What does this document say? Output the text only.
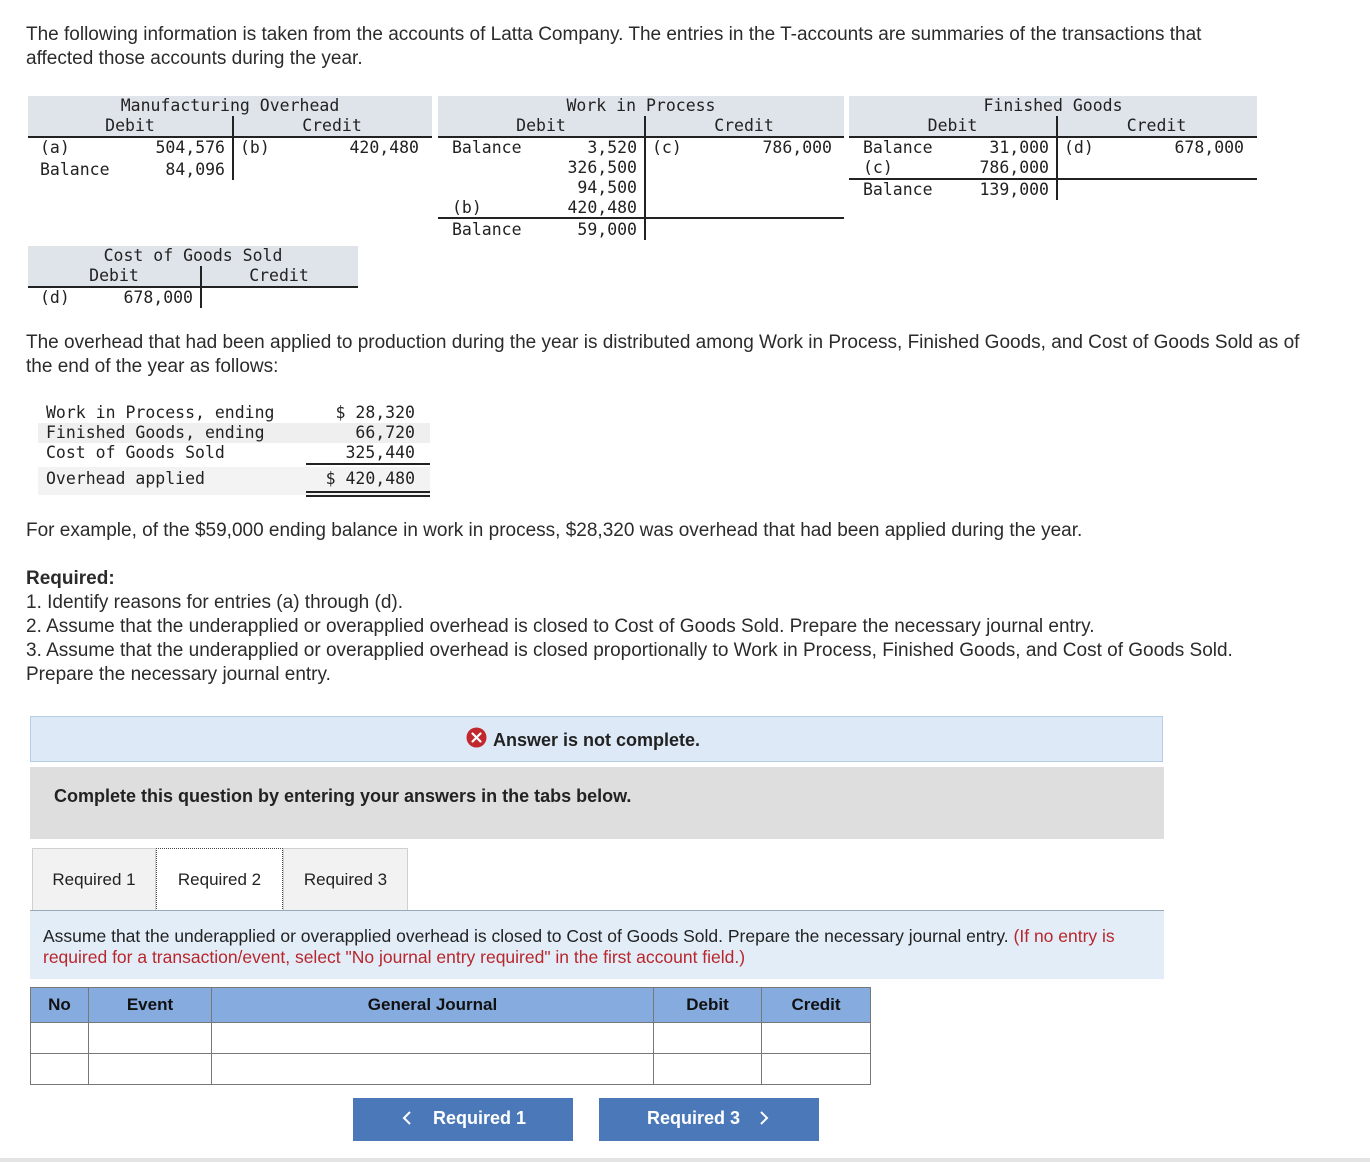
The following information is taken from the accounts of Latta Company. The entries in the T-accounts are summaries of the transactions that affected those accounts during the year.
Manufacturing Overhead
Debit	Credit
(a)	504,576 (b)	420,480
Balance	84,096
Work in Process
Debit	Credit
Balance	3,520 (c)	786,000
326,500
94,500
(b)	420,480
Balance	59,000
Finished Goods
Debit	Credit
Balance	31,000 (d)	678,000
(c)	786,000
Balance	139,000
Cost of Goods Sold
Debit	Credit
(d)	678,000
The overhead that had been applied to production during the year is distributed among Work in Process, Finished Goods, and Cost of Goods Sold as of the end of the year as follows:
Work in Process, ending	$ 28,320
Finished Goods, ending	66,720
Cost of Goods Sold	325,440
Overhead applied	$ 420,480
For example, of the $59,000 ending balance in work in process, $28,320 was overhead that had been applied during the year.
Required:
1. Identify reasons for entries (a) through (d).
2. Assume that the underapplied or overapplied overhead is closed to Cost of Goods Sold. Prepare the necessary journal entry.
3. Assume that the underapplied or overapplied overhead is closed proportionally to Work in Process, Finished Goods, and Cost of Goods Sold. Prepare the necessary journal entry.
Answer is not complete.
Complete this question by entering your answers in the tabs below.
Required 1	Required 2	Required 3
Assume that the underapplied or overapplied overhead is closed to Cost of Goods Sold. Prepare the necessary journal entry. (If no entry is required for a transaction/event, select "No journal entry required" in the first account field.)
No	Event	General Journal	Debit	Credit

Required 1	Required 3
